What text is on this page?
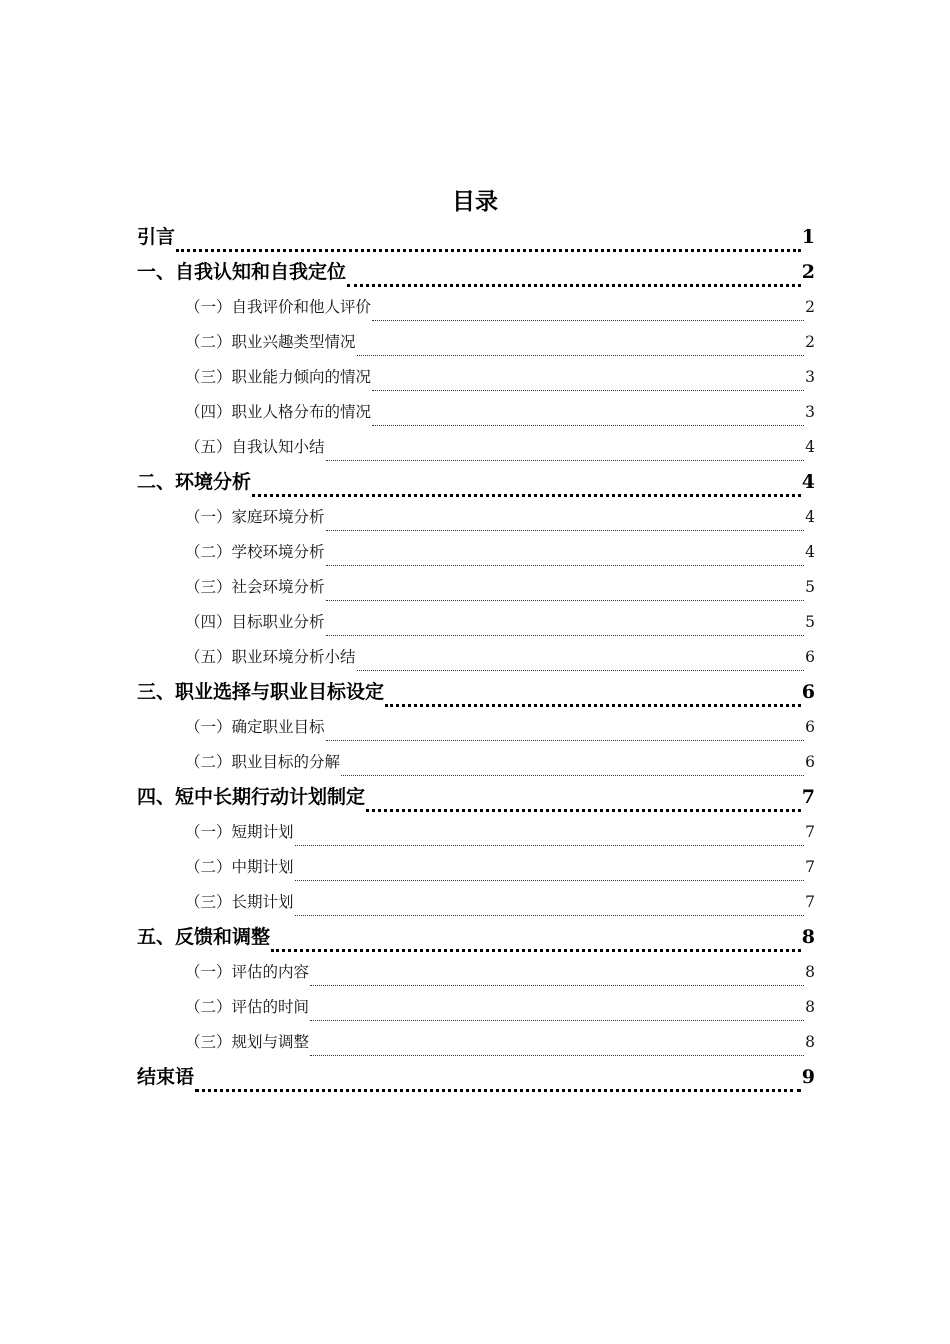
目录
引言	1
一、自我认知和自我定位	2
（一）自我评价和他人评价	2
（二）职业兴趣类型情况	2
（三）职业能力倾向的情况	3
（四）职业人格分布的情况	3
（五）自我认知小结	4
二、环境分析	4
（一）家庭环境分析	4
（二）学校环境分析	4
（三）社会环境分析	5
（四）目标职业分析	5
（五）职业环境分析小结	6
三、职业选择与职业目标设定	6
（一）确定职业目标	6
（二）职业目标的分解	6
四、短中长期行动计划制定	7
（一）短期计划	7
（二）中期计划	7
（三）长期计划	7
五、反馈和调整	8
（一）评估的内容	8
（二）评估的时间	8
（三）规划与调整	8
结束语	9
